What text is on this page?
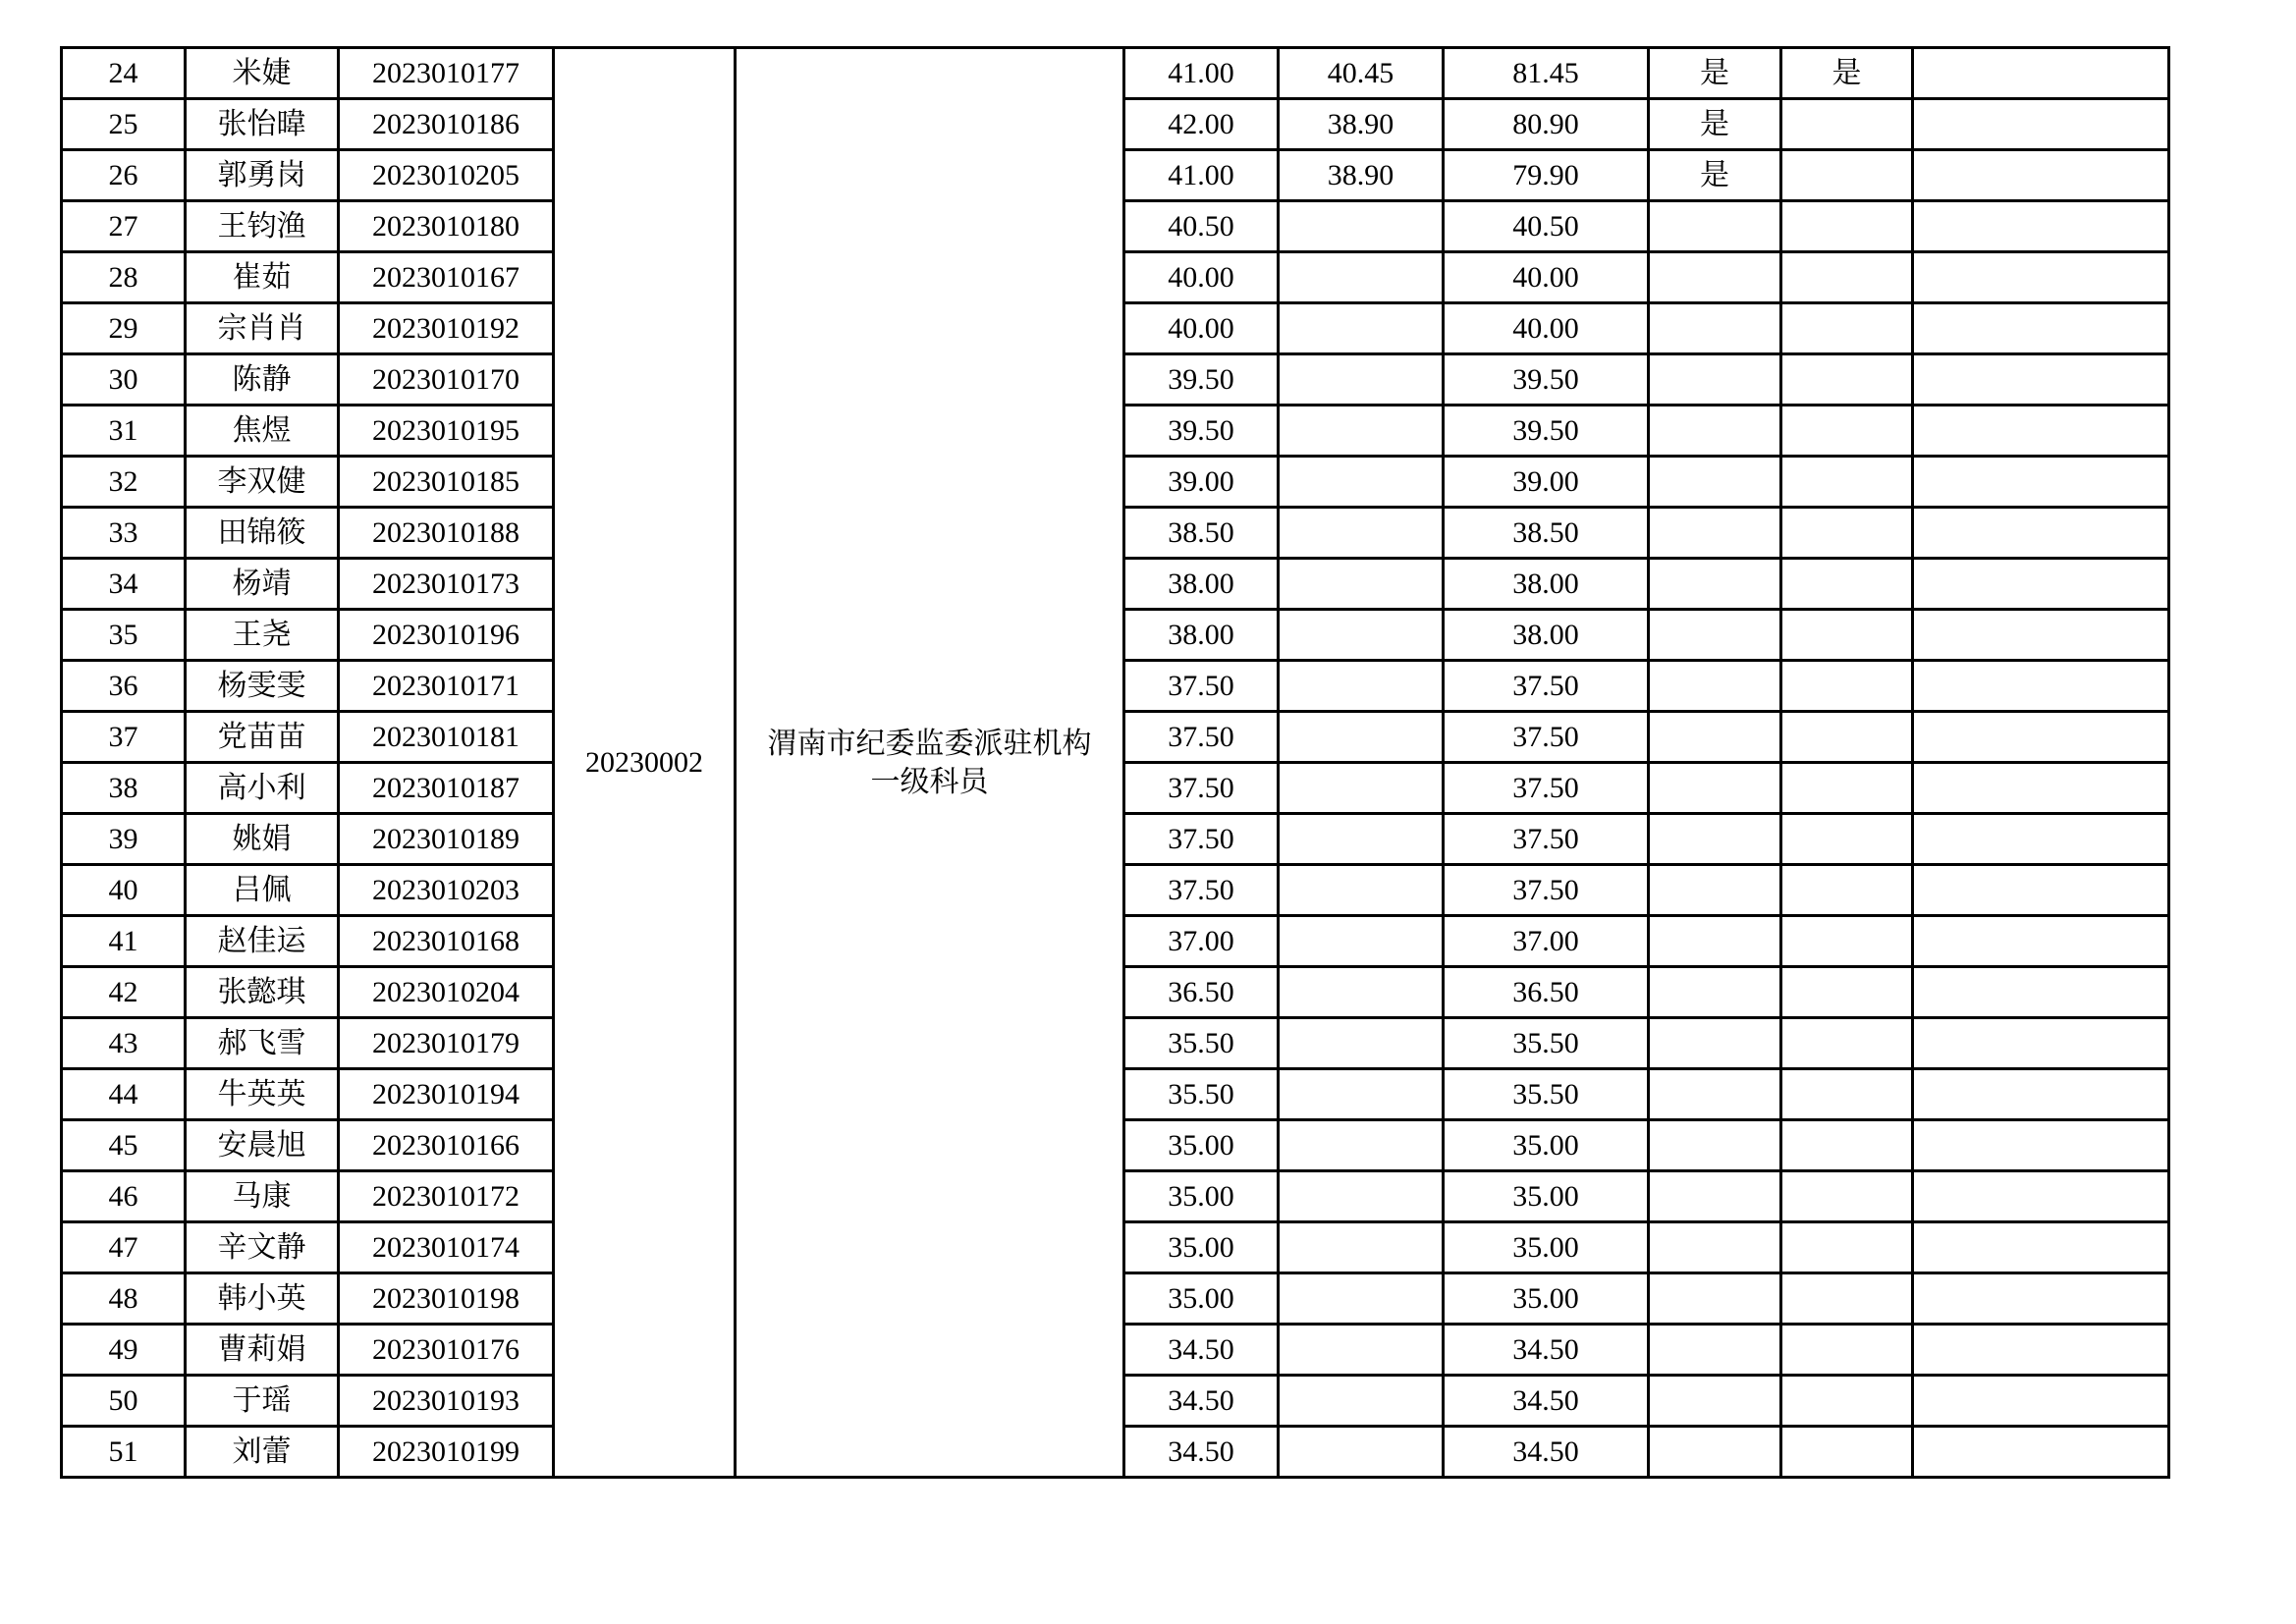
24	米婕	2023010177	20230002	渭南市纪委监委派驻机构一级科员	41.00	40.45	81.45	是	是	
25	张怡暐	2023010186			42.00	38.90	80.90	是		
26	郭勇岗	2023010205			41.00	38.90	79.90	是		
27	王钧渔	2023010180			40.50		40.50			
28	崔茹	2023010167			40.00		40.00			
29	宗肖肖	2023010192			40.00		40.00			
30	陈静	2023010170			39.50		39.50			
31	焦煜	2023010195			39.50		39.50			
32	李双健	2023010185			39.00		39.00			
33	田锦筱	2023010188			38.50		38.50			
34	杨靖	2023010173			38.00		38.00			
35	王尧	2023010196			38.00		38.00			
36	杨雯雯	2023010171			37.50		37.50			
37	党苗苗	2023010181			37.50		37.50			
38	高小利	2023010187			37.50		37.50			
39	姚娟	2023010189			37.50		37.50			
40	吕佩	2023010203			37.50		37.50			
41	赵佳运	2023010168			37.00		37.00			
42	张懿琪	2023010204			36.50		36.50			
43	郝飞雪	2023010179			35.50		35.50			
44	牛英英	2023010194			35.50		35.50			
45	安晨旭	2023010166			35.00		35.00			
46	马康	2023010172			35.00		35.00			
47	辛文静	2023010174			35.00		35.00			
48	韩小英	2023010198			35.00		35.00			
49	曹莉娟	2023010176			34.50		34.50			
50	于瑶	2023010193			34.50		34.50			
51	刘蕾	2023010199			34.50		34.50			
